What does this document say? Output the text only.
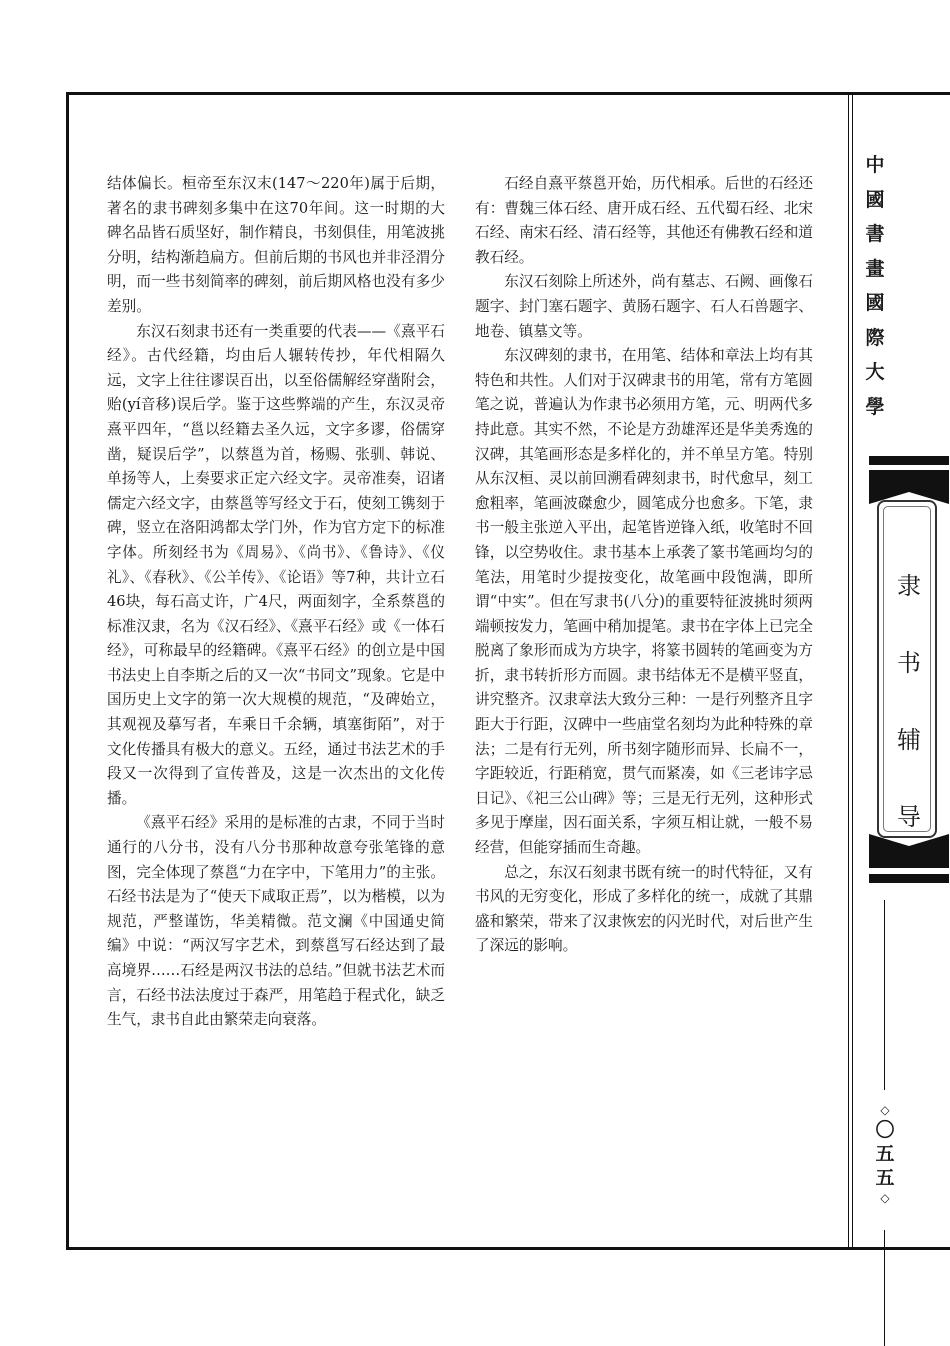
结体偏长。桓帝至东汉末(147～220年)属于后期，著名的隶书碑刻多集中在这70年间。这一时期的大碑名品皆石质坚好，制作精良，书刻俱佳，用笔波挑分明，结构渐趋扁方。但前后期的书风也并非泾渭分明，而一些书刻简率的碑刻，前后期风格也没有多少差别。

东汉石刻隶书还有一类重要的代表——《熹平石经》。古代经籍，均由后人辗转传抄，年代相隔久远，文字上往往谬误百出，以至俗儒解经穿凿附会，贻(yí音移)误后学。鉴于这些弊端的产生，东汉灵帝熹平四年，“邕以经籍去圣久远，文字多谬，俗儒穿凿，疑误后学”，以蔡邕为首，杨赐、张驯、韩说、单扬等人，上奏要求正定六经文字。灵帝准奏，诏诸儒定六经文字，由蔡邕等写经文于石，使刻工镌刻于碑，竖立在洛阳鸿都太学门外，作为官方定下的标准字体。所刻经书为《周易》、《尚书》、《鲁诗》、《仪礼》、《春秋》、《公羊传》、《论语》等7种，共计立石46块，每石高丈许，广4尺，两面刻字，全系蔡邕的标准汉隶，名为《汉石经》、《熹平石经》或《一体石经》，可称最早的经籍碑。《熹平石经》的创立是中国书法史上自李斯之后的又一次“书同文”现象。它是中国历史上文字的第一次大规模的规范，“及碑始立，其观视及摹写者，车乘日千余辆，填塞街陌”，对于文化传播具有极大的意义。五经，通过书法艺术的手段又一次得到了宣传普及，这是一次杰出的文化传播。

《熹平石经》采用的是标准的古隶，不同于当时通行的八分书，没有八分书那种故意夸张笔锋的意图，完全体现了蔡邕“力在字中，下笔用力”的主张。石经书法是为了“使天下咸取正焉”，以为楷模，以为规范，严整谨饬，华美精微。范文澜《中国通史简编》中说：“两汉写字艺术，到蔡邕写石经达到了最高境界……石经是两汉书法的总结。”但就书法艺术而言，石经书法法度过于森严，用笔趋于程式化，缺乏生气，隶书自此由繁荣走向衰落。

石经自熹平蔡邕开始，历代相承。后世的石经还有：曹魏三体石经、唐开成石经、五代蜀石经、北宋石经、南宋石经、清石经等，其他还有佛教石经和道教石经。

东汉石刻除上所述外，尚有墓志、石阙、画像石题字、封门塞石题字、黄肠石题字、石人石兽题字、地卷、镇墓文等。

东汉碑刻的隶书，在用笔、结体和章法上均有其特色和共性。人们对于汉碑隶书的用笔，常有方笔圆笔之说，普遍认为作隶书必须用方笔，元、明两代多持此意。其实不然，不论是方劲雄浑还是华美秀逸的汉碑，其笔画形态是多样化的，并不单呈方笔。特别从东汉桓、灵以前回溯看碑刻隶书，时代愈早，刻工愈粗率，笔画波磔愈少，圆笔成分也愈多。下笔，隶书一般主张逆入平出，起笔皆逆锋入纸，收笔时不回锋，以空势收住。隶书基本上承袭了篆书笔画均匀的笔法，用笔时少提按变化，故笔画中段饱满，即所谓“中实”。但在写隶书(八分)的重要特征波挑时须两端顿按发力，笔画中稍加提笔。隶书在字体上已完全脱离了象形而成为方块字，将篆书圆转的笔画变为方折，隶书转折形方而圆。隶书结体无不是横平竖直，讲究整齐。汉隶章法大致分三种：一是行列整齐且字距大于行距，汉碑中一些庙堂名刻均为此种特殊的章法；二是有行无列，所书刻字随形而异、长扁不一，字距较近，行距稍宽，贯气而紧凑，如《三老讳字忌日记》、《祀三公山碑》等；三是无行无列，这种形式多见于摩崖，因石面关系，字须互相让就，一般不易经营，但能穿插而生奇趣。

总之，东汉石刻隶书既有统一的时代特征，又有书风的无穷变化，形成了多样化的统一，成就了其鼎盛和繁荣，带来了汉隶恢宏的闪光时代，对后世产生了深远的影响。

中
國
書
畫
國
際
大
學
隶
书
辅
导
◇
〇
五
五
◇
